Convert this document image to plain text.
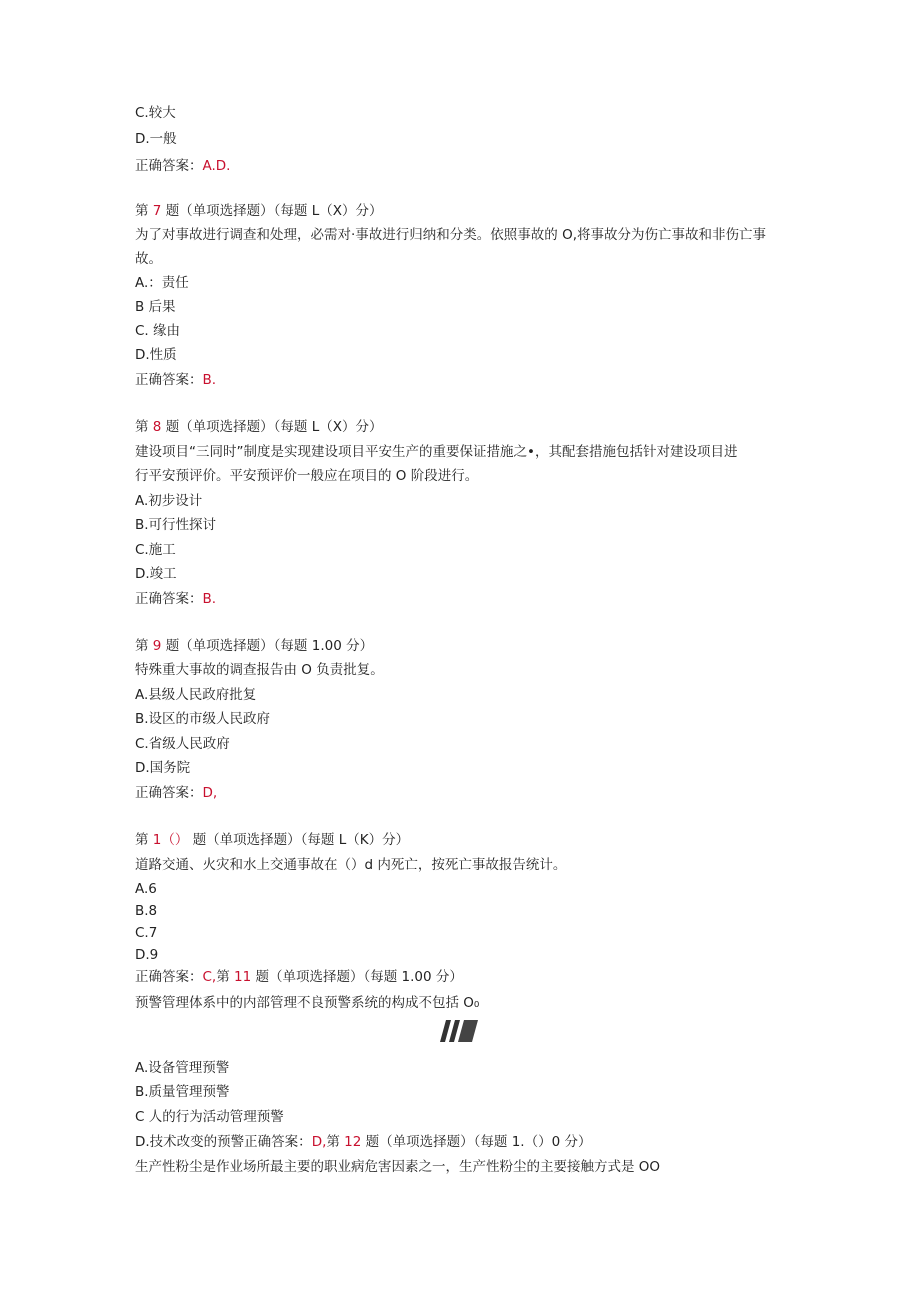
C.较大
D.一般
正确答案：A.D.
第 7 题（单项选择题）（每题 L（X）分）
为了对事故进行调查和处理，必需对·事故进行归纳和分类。依照事故的 O,将事故分为伤亡事故和非伤亡事
故。
A.：责任
B 后果
C. 缘由
D.性质
正确答案：B.
第 8 题（单项选择题）（每题 L（X）分）
建设项目“三同时”制度是实现建设项目平安生产的重要保证措施之•，其配套措施包括针对建设项目进
行平安预评价。平安预评价一般应在项目的 O 阶段进行。
A.初步设计
B.可行性探讨
C.施工
D.竣工
正确答案：B.
第 9 题（单项选择题）（每题 1.00 分）
特殊重大事故的调查报告由 O 负责批复。
A.县级人民政府批复
B.设区的市级人民政府
C.省级人民政府
D.国务院
正确答案：D,
第 1（） 题（单项选择题）（每题 L（K）分）
道路交通、火灾和水上交通事故在（）d 内死亡，按死亡事故报告统计。
A.6
B.8
C.7
D.9
正确答案：C,第 11 题（单项选择题）（每题 1.00 分）
预警管理体系中的内部管理不良预警系统的构成不包括 O₀
A.设备管理预警
B.质量管理预警
C 人的行为活动管理预警
D.技术改变的预警正确答案：D,第 12 题（单项选择题）（每题 1.（）0 分）
生产性粉尘是作业场所最主要的职业病危害因素之一，生产性粉尘的主要接触方式是 OO
